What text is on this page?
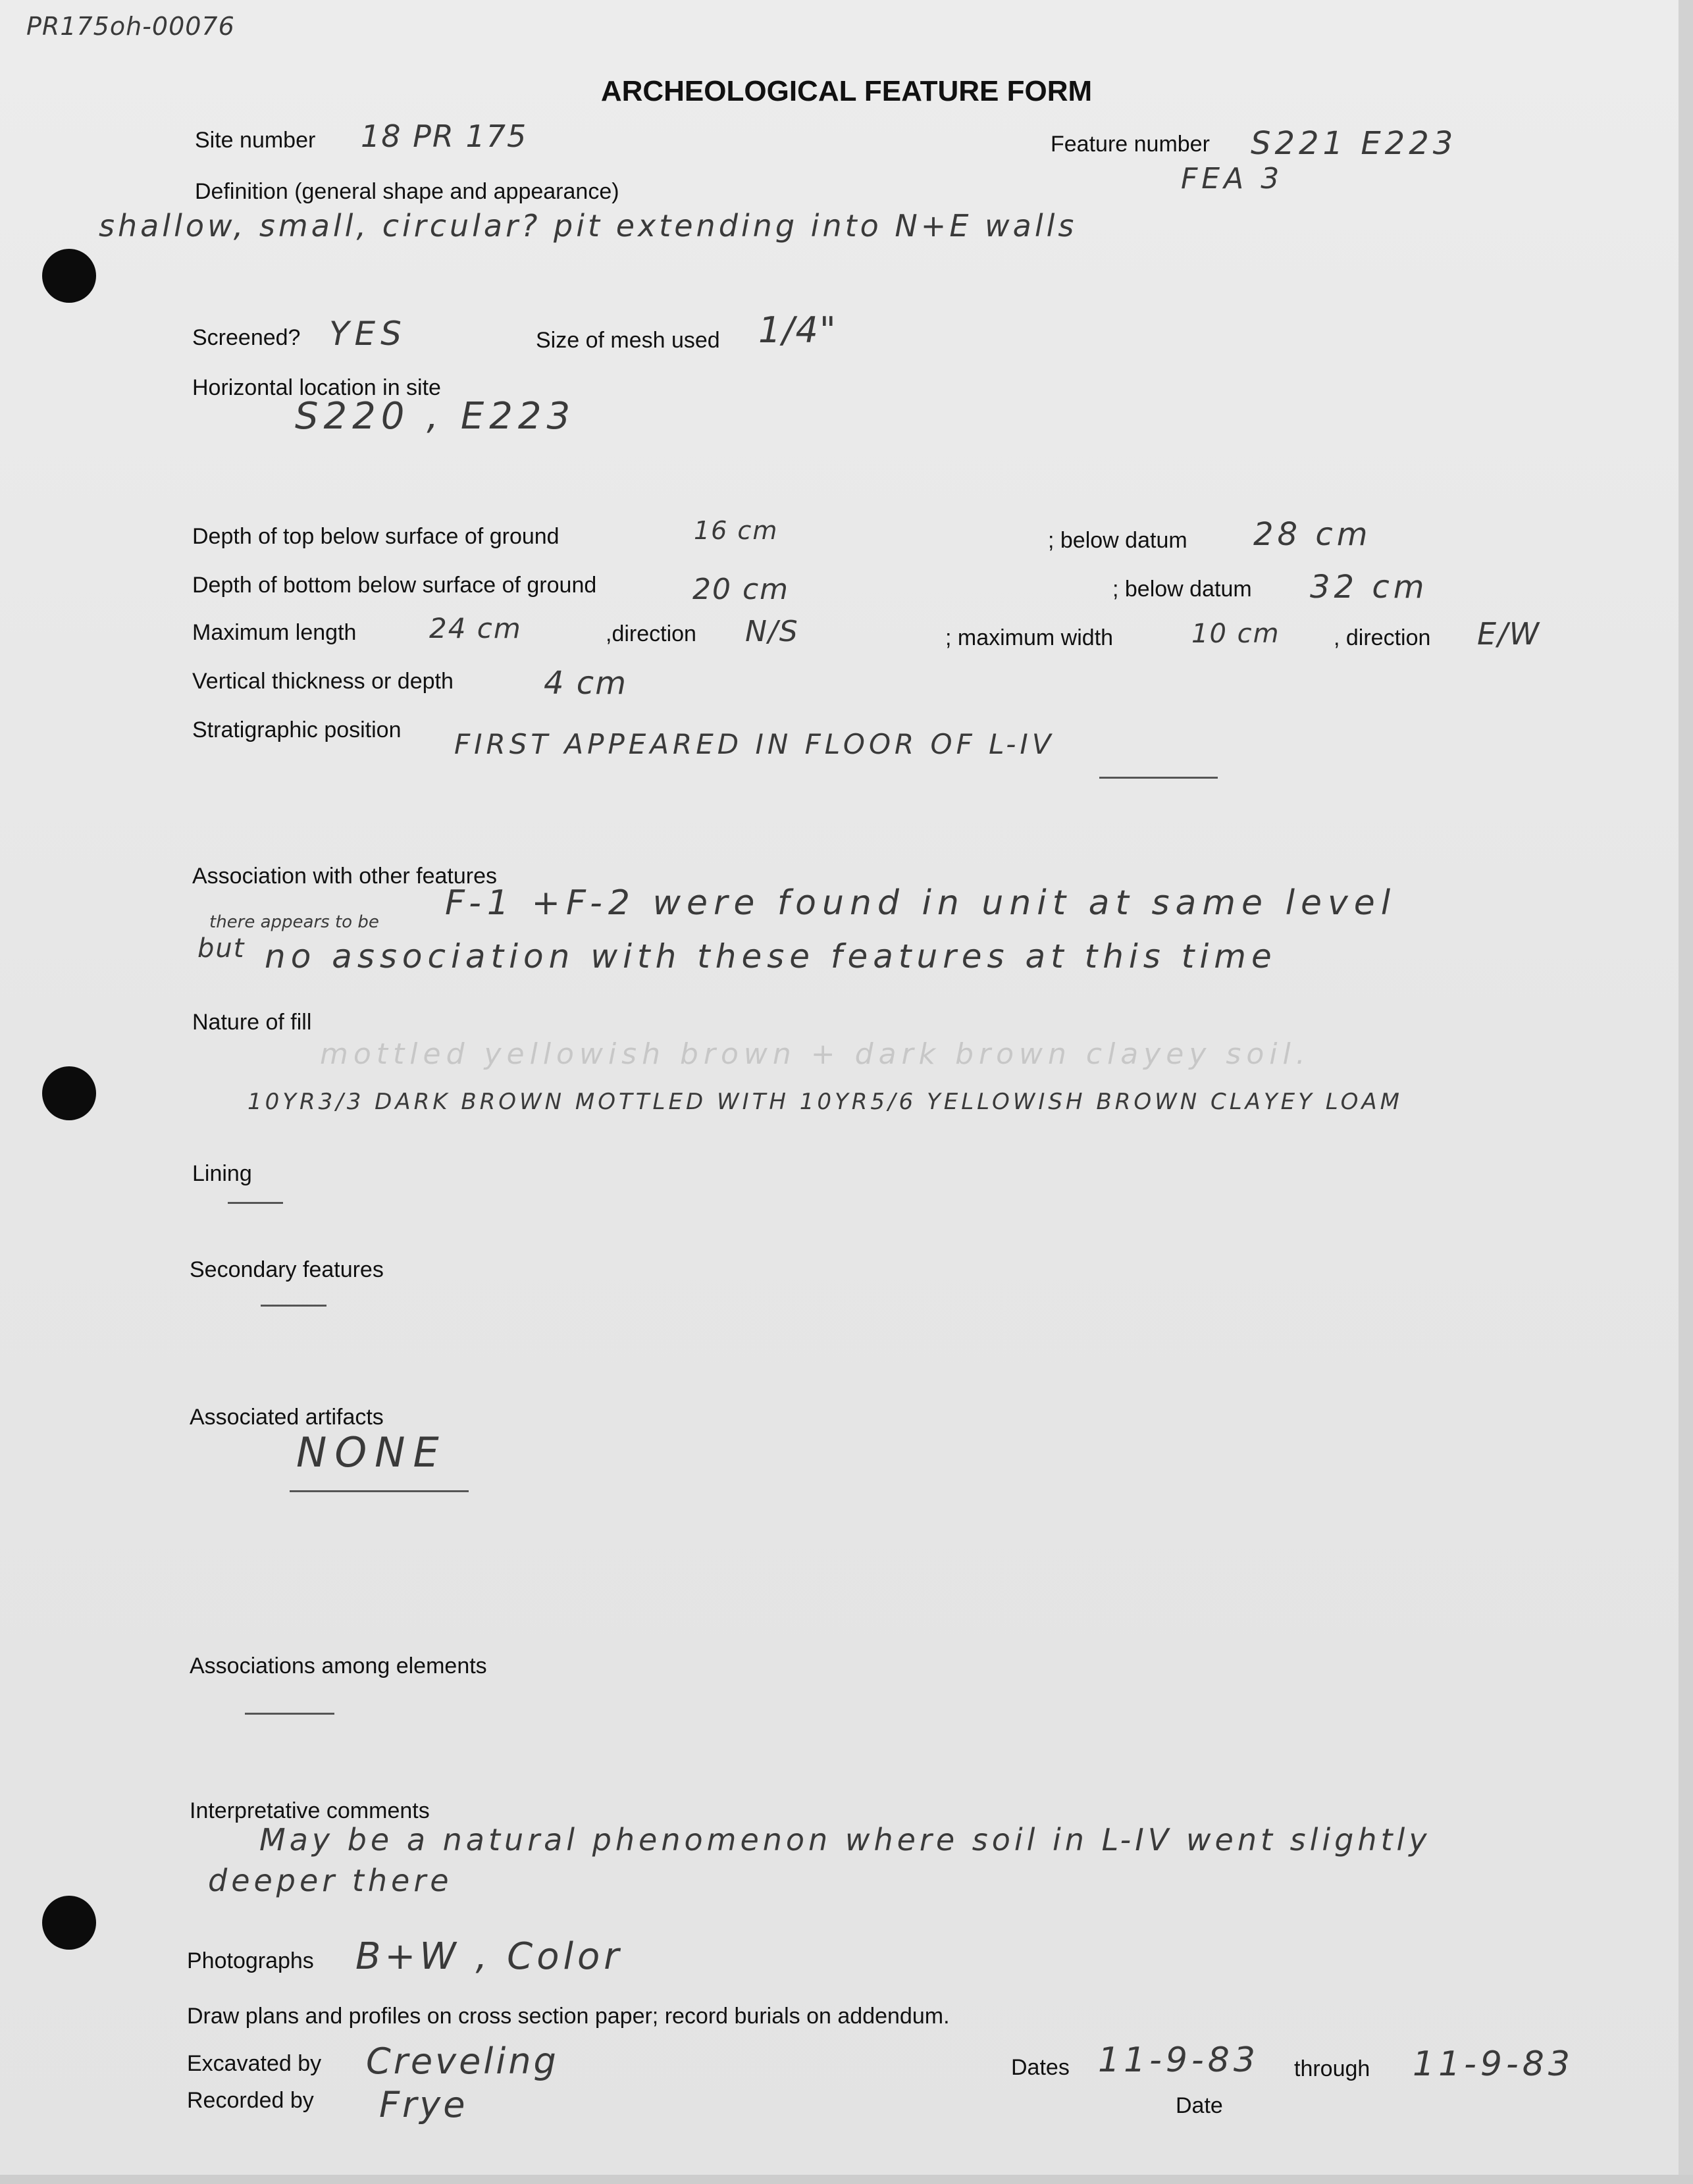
PR175oh-00076
ARCHEOLOGICAL FEATURE FORM
Site number 18 PR 175	Feature number S221 E223
FEA 3
Definition (general shape and appearance)
shallow, small, circular? pit extending into N+E walls
Screened? YES	Size of mesh used 1/4"
Horizontal location in site
S220 , E223
Depth of top below surface of ground	16 cm	; below datum 28 cm
Depth of bottom below surface of ground	20 cm	; below datum 32 cm
Maximum length	24 cm	,direction N/S	; maximum width	10 cm , direction E/W
Vertical thickness or depth	4 cm
Stratigraphic position FIRST APPEARED IN FLOOR OF L-IV
Association with other features
there appears to be F-1 +F-2 were found in unit at same level
but no association with these features at this time
Nature of fill
mottled yellowish brown + dark brown clayey soil.
10YR3/3 DARK BROWN MOTTLED WITH 10YR5/6 YELLOWISH BROWN CLAYEY LOAM
Lining
Secondary features
Associated artifacts
NONE
Associations among elements
Interpretative comments
May be a natural phenomenon where soil in L-IV went slightly
deeper there
Photographs B+W , Color
Draw plans and profiles on cross section paper; record burials on addendum.
Excavated by Creveling
Recorded by Frye
Dates 11-9-83 through 11-9-83
Date
